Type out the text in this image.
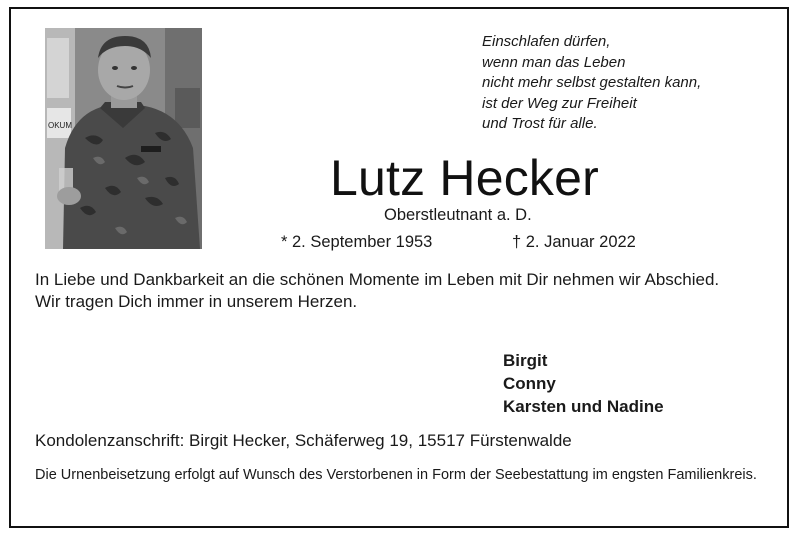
OKUM
Einschlafen dürfen,
wenn man das Leben
nicht mehr selbst gestalten kann,
ist der Weg zur Freiheit
und Trost für alle.
Lutz Hecker
Oberstleutnant a. D.
* 2. September 1953	† 2. Januar 2022
In Liebe und Dankbarkeit an die schönen Momente im Leben mit Dir nehmen wir Abschied.
Wir tragen Dich immer in unserem Herzen.
Birgit
Conny
Karsten und Nadine
Kondolenzanschrift: Birgit Hecker, Schäferweg 19, 15517 Fürstenwalde
Die Urnenbeisetzung erfolgt auf Wunsch des Verstorbenen in Form der Seebestattung im engsten Familienkreis.
